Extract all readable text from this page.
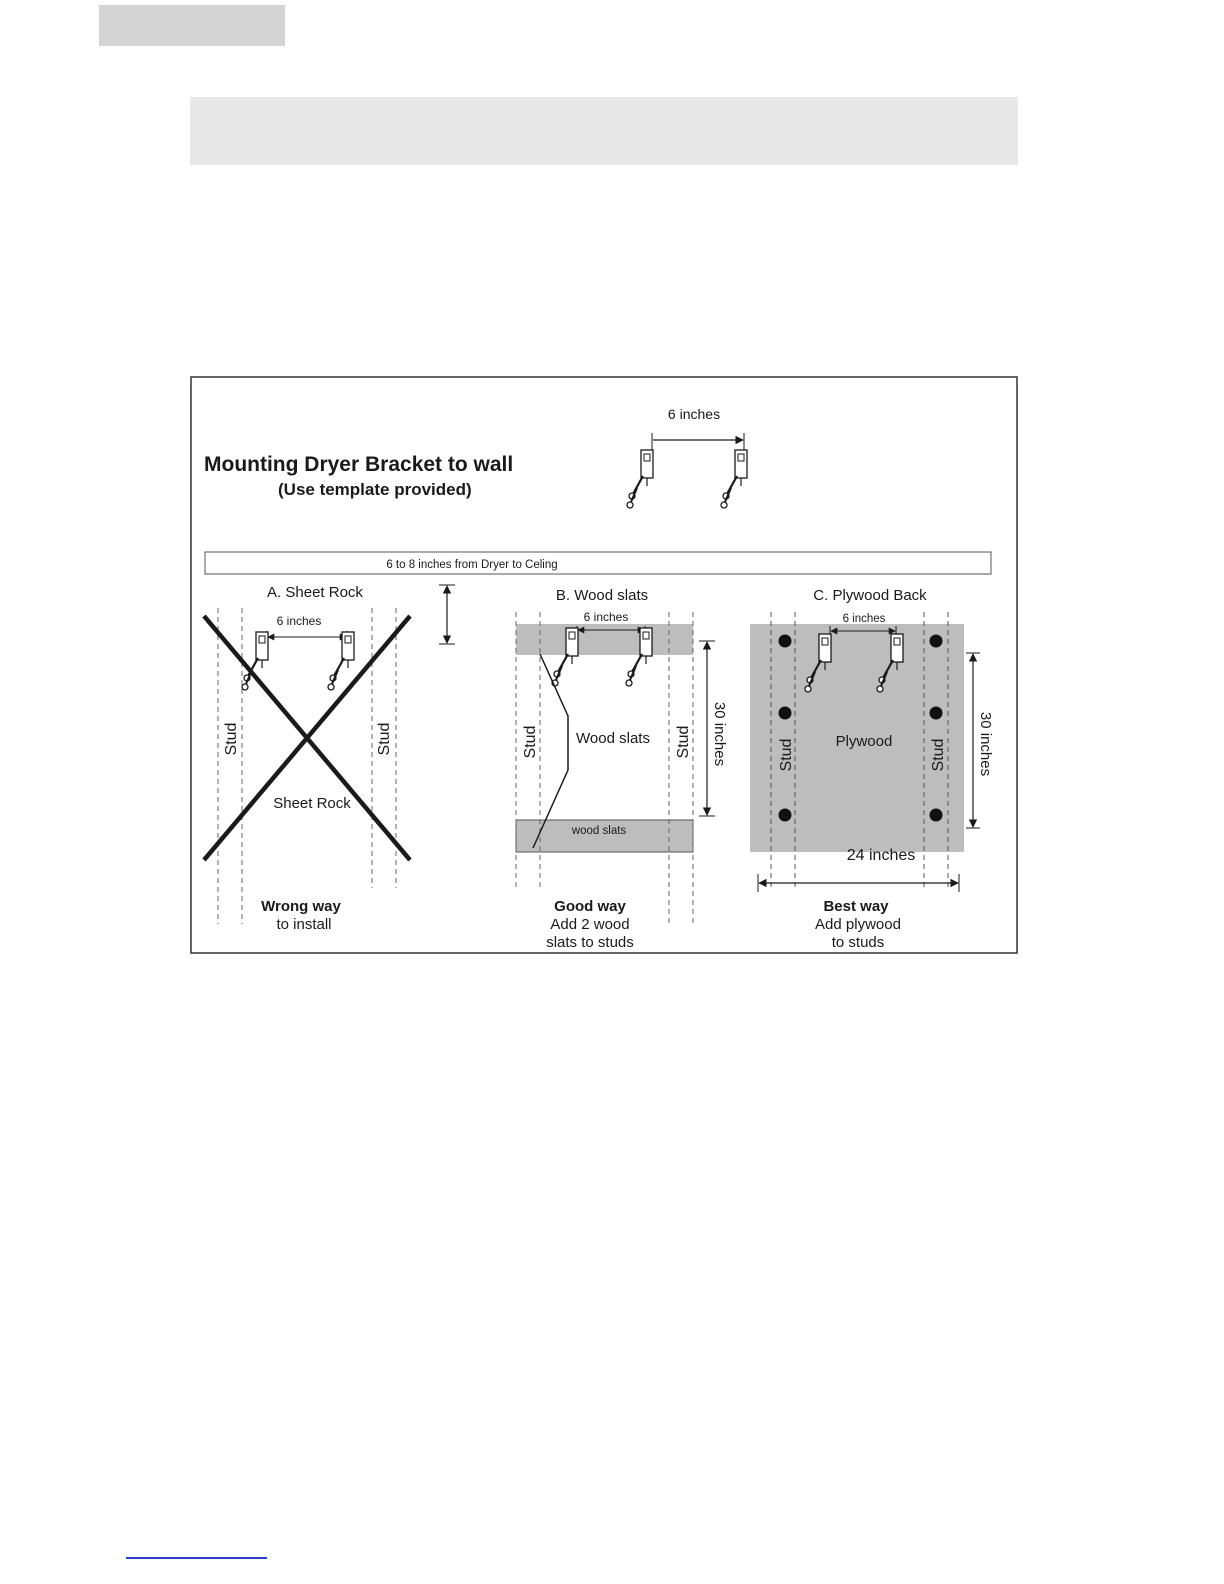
Mounting Dryer Bracket to wall
(Use template provided)
6 inches
6 to 8 inches from Dryer to Celing
A. Sheet Rock
6 inches
Stud	Stud
Sheet Rock
Wrong way
to install
B. Wood slats
6 inches
Wood slats
wood slats
Stud	Stud 30 inches
Good way
Add 2 wood
slats to studs
C. Plywood Back
6 inches
Plywood
Stud	Stud
24 inches
30 inches
Best way
Add plywood
to studs
